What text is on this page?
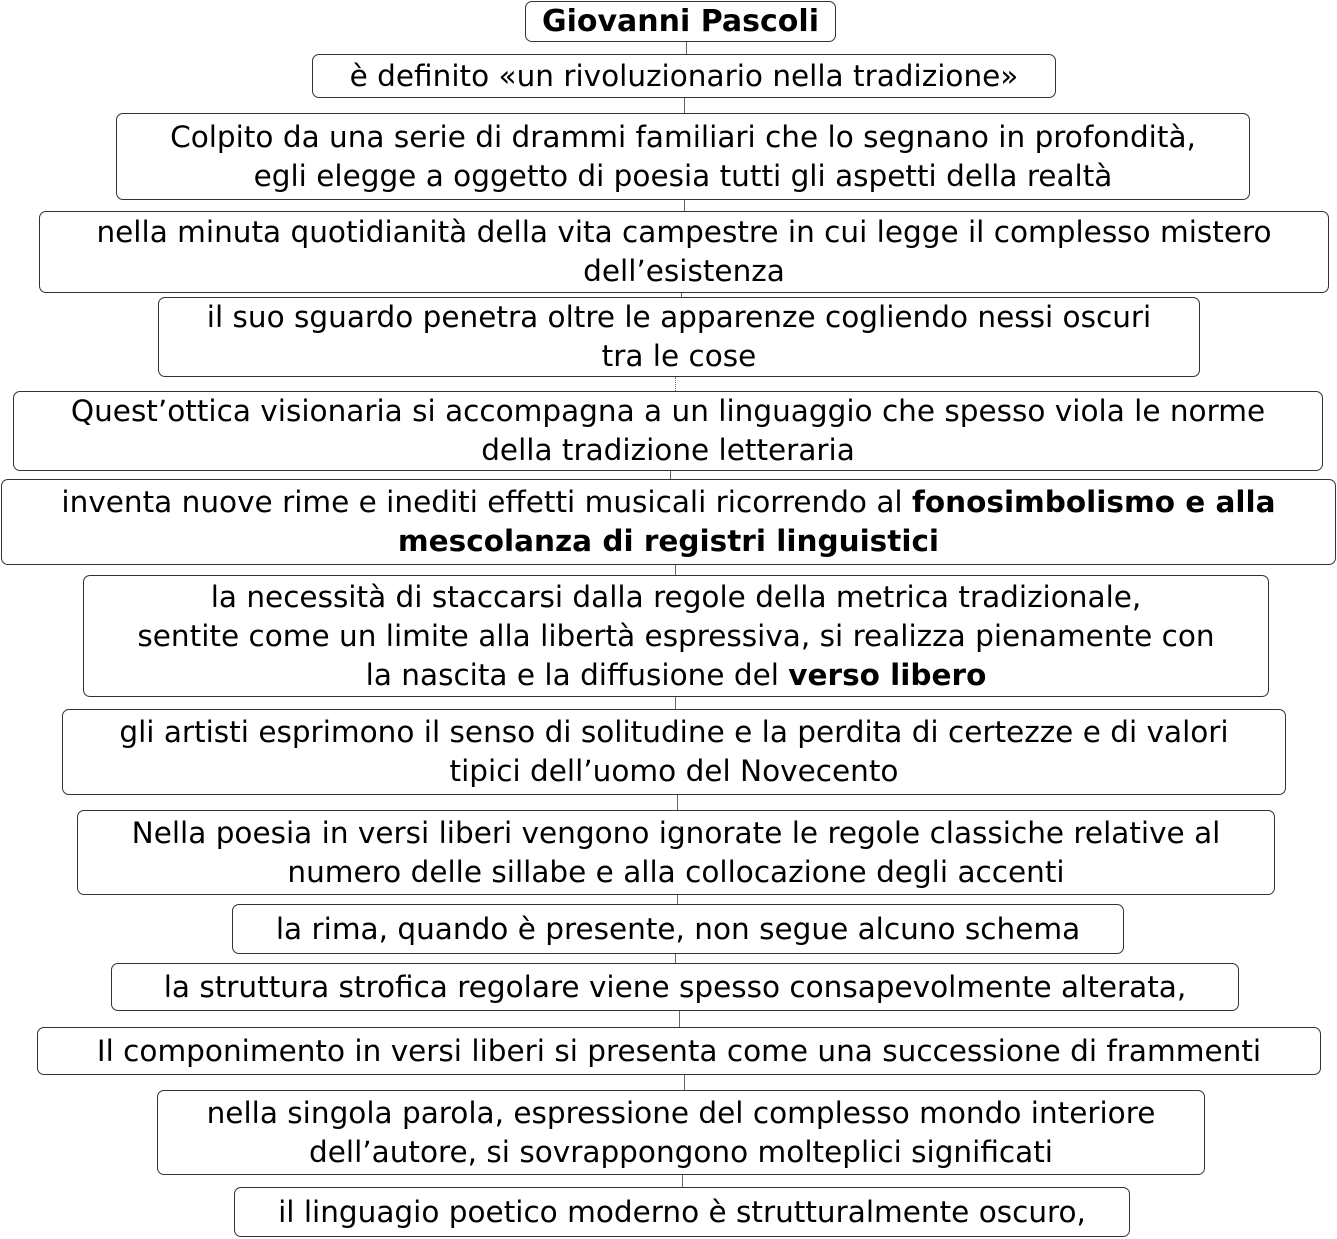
Giovanni Pascoli
è definito «un rivoluzionario nella tradizione»
Colpito da una serie di drammi familiari che lo segnano in profondità,
egli elegge a oggetto di poesia tutti gli aspetti della realtà
nella minuta quotidianità della vita campestre in cui legge il complesso mistero
dell’esistenza
il suo sguardo penetra oltre le apparenze cogliendo nessi oscuri
tra le cose
Quest’ottica visionaria si accompagna a un linguaggio che spesso viola le norme
della tradizione letteraria
inventa nuove rime e inediti effetti musicali ricorrendo al fonosimbolismo e alla
mescolanza di registri linguistici
la necessità di staccarsi dalla regole della metrica tradizionale,
sentite come un limite alla libertà espressiva, si realizza pienamente con
la nascita e la diffusione del verso libero
gli artisti esprimono il senso di solitudine e la perdita di certezze e di valori
tipici dell’uomo del Novecento
Nella poesia in versi liberi vengono ignorate le regole classiche relative al
numero delle sillabe e alla collocazione degli accenti
la rima, quando è presente, non segue alcuno schema
la struttura strofica regolare viene spesso consapevolmente alterata,
Il componimento in versi liberi si presenta come una successione di frammenti
nella singola parola, espressione del complesso mondo interiore
dell’autore, si sovrappongono molteplici significati
il linguagio poetico moderno è strutturalmente oscuro,
